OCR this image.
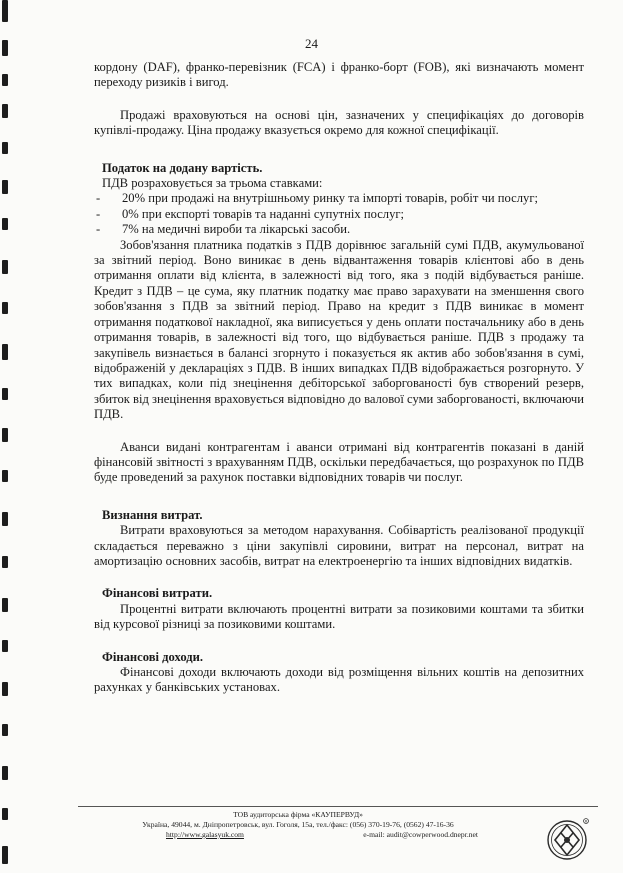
24

кордону (DAF), франко-перевізник (FCA) і франко-борт (FOB), які визначають момент переходу ризиків і вигод.

Продажі враховуються на основі цін, зазначених у специфікаціях до договорів купівлі-продажу. Ціна продажу вказується окремо для кожної специфікації.

Податок на додану вартість.

ПДВ розраховується за трьома ставками:

- 20% при продажі на внутрішньому ринку та імпорті товарів, робіт чи послуг;
- 0% при експорті товарів та наданні супутніх послуг;
- 7% на медичні вироби та лікарські засоби.

Зобов'язання платника податків з ПДВ дорівнює загальній сумі ПДВ, акумульованої за звітний період. Воно виникає в день відвантаження товарів клієнтові або в день отримання оплати від клієнта, в залежності від того, яка з подій відбувається раніше. Кредит з ПДВ – це сума, яку платник податку має право зарахувати на зменшення свого зобов'язання з ПДВ за звітний період. Право на кредит з ПДВ виникає в момент отримання податкової накладної, яка виписується у день оплати постачальнику або в день отримання товарів, в залежності від того, що відбувається раніше. ПДВ з продажу та закупівель визнається в балансі згорнуто і показується як актив або зобов'язання в сумі, відображеній у деклараціях з ПДВ. В інших випадках ПДВ відображається розгорнуто. У тих випадках, коли під знецінення дебіторської заборгованості був створений резерв, збиток від знецінення враховується відповідно до валової суми заборгованості, включаючи ПДВ.

Аванси видані контрагентам і аванси отримані від контрагентів показані в даній фінансовій звітності з врахуванням ПДВ, оскільки передбачається, що розрахунок по ПДВ буде проведений за рахунок поставки відповідних товарів чи послуг.

Визнання витрат.

Витрати враховуються за методом нарахування. Собівартість реалізованої продукції складається переважно з ціни закупівлі сировини, витрат на персонал, витрат на амортизацію основних засобів, витрат на електроенергію та інших відповідних видатків.

Фінансові витрати.

Процентні витрати включають процентні витрати за позиковими коштами та збитки від курсової різниці за позиковими коштами.

Фінансові доходи.

Фінансові доходи включають доходи від розміщення вільних коштів на депозитних рахунках у банківських установах.

ТОВ аудиторська фірма «КАУПЕРВУД»
Україна, 49044, м. Дніпропетровськ, вул. Гоголя, 15а, тел./факс: (056) 370-19-76, (0562) 47-16-36
http://www.galasyuk.com	e-mail: audit@cowperwood.dnepr.net
R
